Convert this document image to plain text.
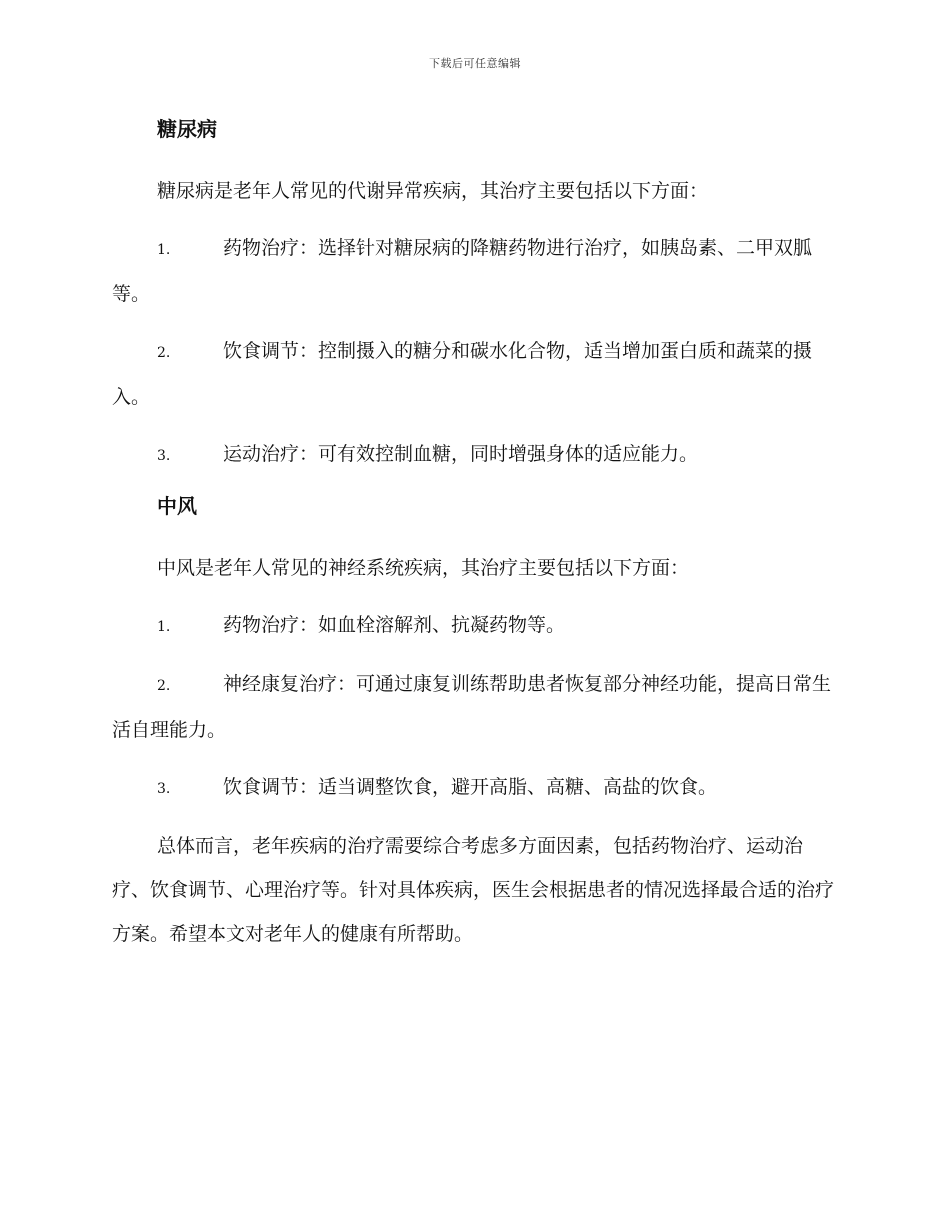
下载后可任意编辑

糖尿病

糖尿病是老年人常见的代谢异常疾病，其治疗主要包括以下方面：

1.	药物治疗：选择针对糖尿病的降糖药物进行治疗，如胰岛素、二甲双胍等。

2.	饮食调节：控制摄入的糖分和碳水化合物，适当增加蛋白质和蔬菜的摄入。

3.	运动治疗：可有效控制血糖，同时增强身体的适应能力。

中风

中风是老年人常见的神经系统疾病，其治疗主要包括以下方面：

1.	药物治疗：如血栓溶解剂、抗凝药物等。

2.	神经康复治疗：可通过康复训练帮助患者恢复部分神经功能，提高日常生活自理能力。

3.	饮食调节：适当调整饮食，避开高脂、高糖、高盐的饮食。

总体而言，老年疾病的治疗需要综合考虑多方面因素，包括药物治疗、运动治疗、饮食调节、心理治疗等。针对具体疾病，医生会根据患者的情况选择最合适的治疗方案。希望本文对老年人的健康有所帮助。
